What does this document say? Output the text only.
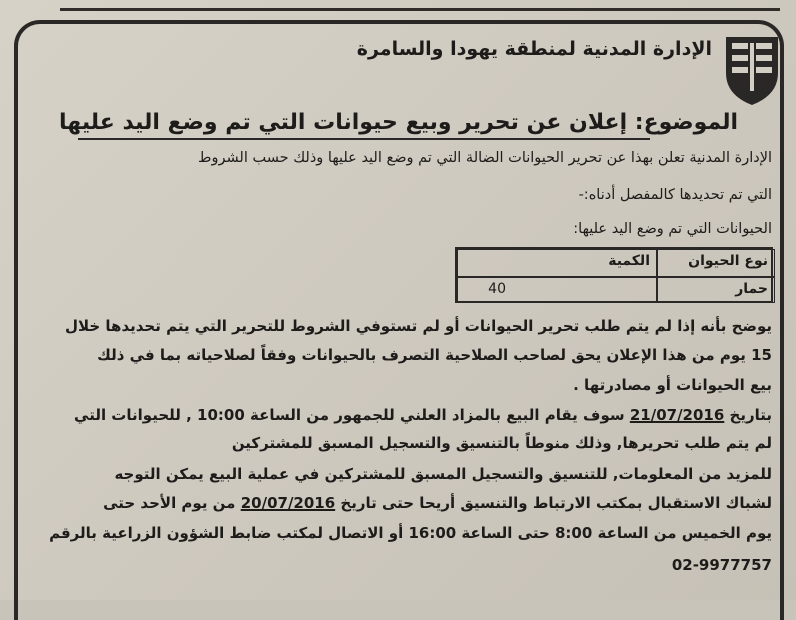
الإدارة المدنية لمنطقة يهودا والسامرة
الموضوع: إعلان عن تحرير وبيع حيوانات التي تم وضع اليد عليها
الإدارة المدنية تعلن بهذا عن تحرير الحيوانات الضالة التي تم وضع اليد عليها وذلك حسب الشروط
التي تم تحديدها كالمفصل أدناه:-
الحيوانات التي تم وضع اليد عليها:
الكمية	نوع الحيوان
40	حمار
يوضح بأنه إذا لم يتم طلب تحرير الحيوانات أو لم تستوفي الشروط للتحرير التي يتم تحديدها خلال
15 يوم من هذا الإعلان يحق لصاحب الصلاحية التصرف بالحيوانات وفقاً لصلاحياته بما في ذلك
بيع الحيوانات أو مصادرتها .
بتاريخ 21/07/2016 سوف يقام البيع بالمزاد العلني للجمهور من الساعة 10:00 , للحيوانات التي
لم يتم طلب تحريرها, وذلك منوطاً بالتنسيق والتسجيل المسبق للمشتركين
للمزيد من المعلومات, للتنسيق والتسجيل المسبق للمشتركين في عملية البيع يمكن التوجه
لشباك الاستقبال بمكتب الارتباط والتنسيق أريحا حتى تاريخ 20/07/2016 من يوم الأحد حتى
يوم الخميس من الساعة 8:00 حتى الساعة 16:00 أو الاتصال لمكتب ضابط الشؤون الزراعية بالرقم
02-9977757
